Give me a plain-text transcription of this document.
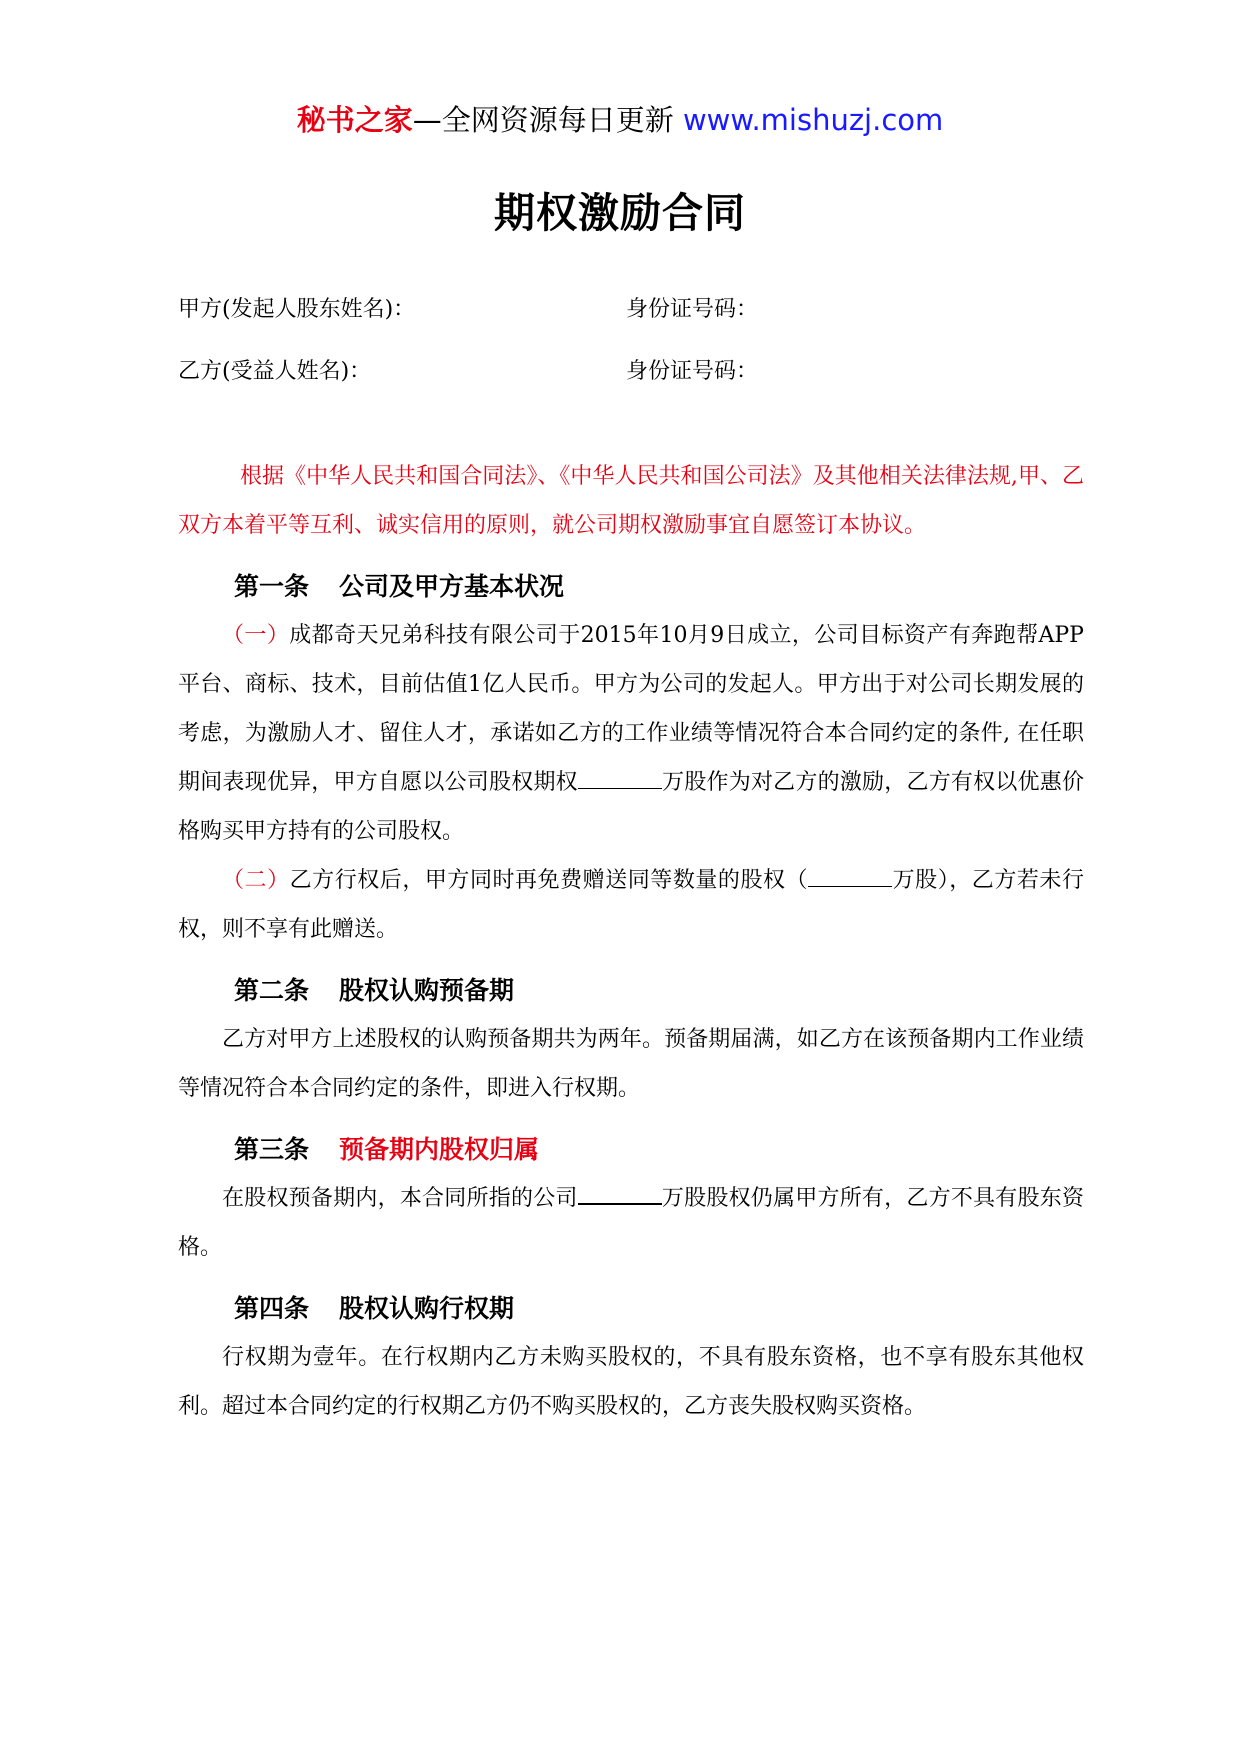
秘书之家—全网资源每日更新 www.mishuzj.com
期权激励合同
甲方(发起人股东姓名)：	身份证号码：
乙方(受益人姓名)：	身份证号码：

根据《中华人民共和国合同法》、《中华人民共和国公司法》及其他相关法律法规,甲、乙双方本着平等互利、诚实信用的原则，就公司期权激励事宜自愿签订本协议。

第一条 公司及甲方基本状况

（一）成都奇天兄弟科技有限公司于2015年10月9日成立，公司目标资产有奔跑帮APP平台、商标、技术，目前估值1亿人民币。甲方为公司的发起人。甲方出于对公司长期发展的考虑，为激励人才、留住人才，承诺如乙方的工作业绩等情况符合本合同约定的条件, 在任职期间表现优异，甲方自愿以公司股权期权	万股作为对乙方的激励，乙方有权以优惠价格购买甲方持有的公司股权。

（二）乙方行权后，甲方同时再免费赠送同等数量的股权（	万股），乙方若未行权，则不享有此赠送。

第二条 股权认购预备期

乙方对甲方上述股权的认购预备期共为两年。预备期届满，如乙方在该预备期内工作业绩等情况符合本合同约定的条件，即进入行权期。

第三条 预备期内股权归属

在股权预备期内，本合同所指的公司	万股股权仍属甲方所有，乙方不具有股东资格。

第四条 股权认购行权期

行权期为壹年。在行权期内乙方未购买股权的，不具有股东资格，也不享有股东其他权利。超过本合同约定的行权期乙方仍不购买股权的，乙方丧失股权购买资格。
